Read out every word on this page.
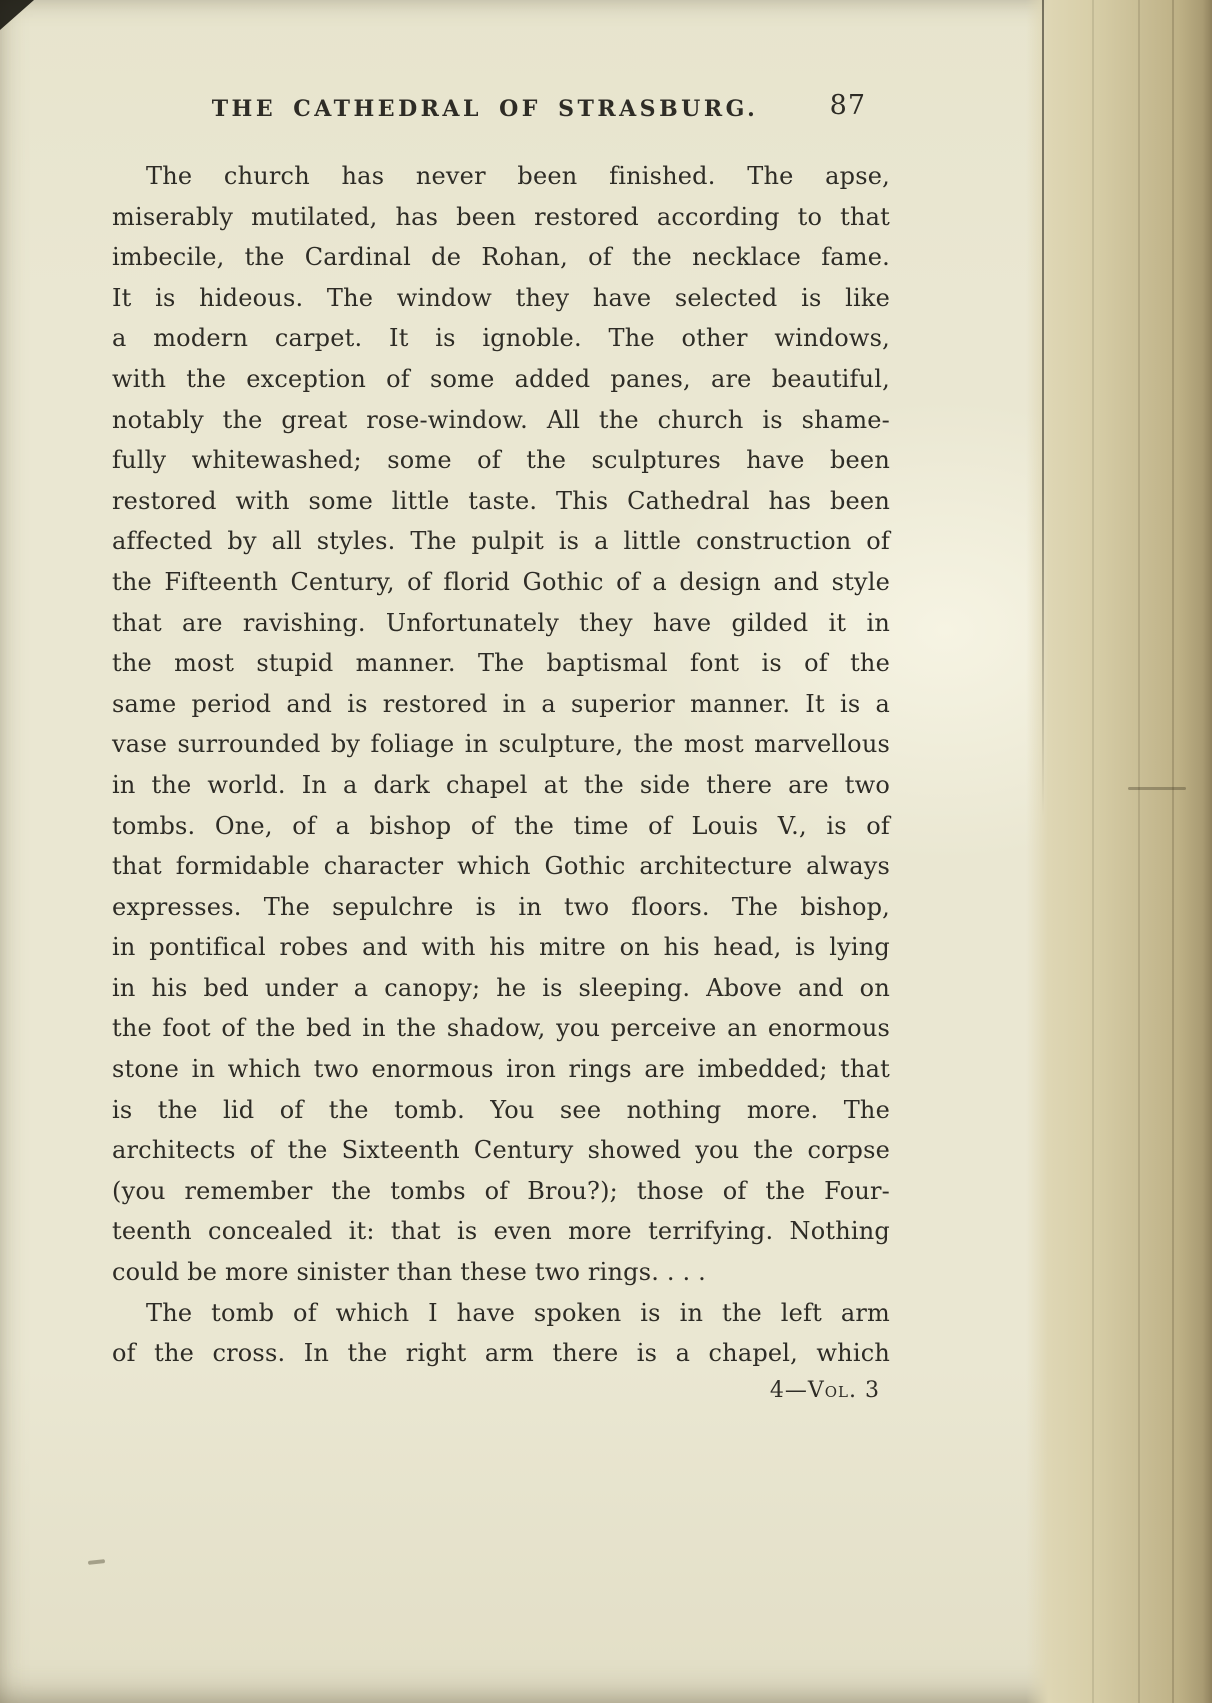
THE CATHEDRAL OF STRASBURG.	87
The church has never been finished. The apse,
miserably mutilated, has been restored according to that
imbecile, the Cardinal de Rohan, of the necklace fame.
It is hideous. The window they have selected is like
a modern carpet. It is ignoble. The other windows,
with the exception of some added panes, are beautiful,
notably the great rose-window. All the church is shame-
fully whitewashed; some of the sculptures have been
restored with some little taste. This Cathedral has been
affected by all styles. The pulpit is a little construction of
the Fifteenth Century, of florid Gothic of a design and style
that are ravishing. Unfortunately they have gilded it in
the most stupid manner. The baptismal font is of the
same period and is restored in a superior manner. It is a
vase surrounded by foliage in sculpture, the most marvellous
in the world. In a dark chapel at the side there are two
tombs. One, of a bishop of the time of Louis V., is of
that formidable character which Gothic architecture always
expresses. The sepulchre is in two floors. The bishop,
in pontifical robes and with his mitre on his head, is lying
in his bed under a canopy; he is sleeping. Above and on
the foot of the bed in the shadow, you perceive an enormous
stone in which two enormous iron rings are imbedded; that
is the lid of the tomb. You see nothing more. The
architects of the Sixteenth Century showed you the corpse
(you remember the tombs of Brou?); those of the Four-
teenth concealed it: that is even more terrifying. Nothing
could be more sinister than these two rings. . . .
The tomb of which I have spoken is in the left arm
of the cross. In the right arm there is a chapel, which
4—Vol. 3
